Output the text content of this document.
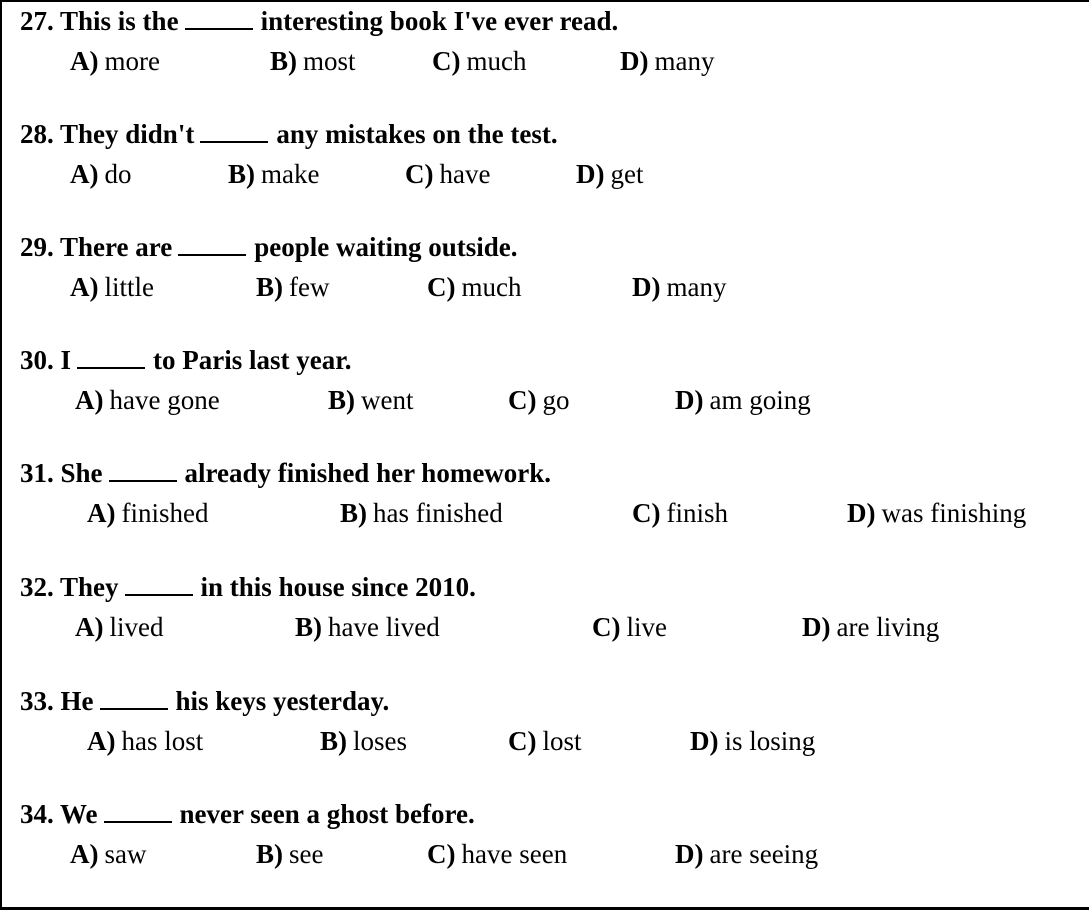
27. This is the	interesting book I've ever read.
A) more	B) most	C) much	D) many
28. They didn't	any mistakes on the test.
A) do	B) make	C) have	D) get
29. There are	people waiting outside.
A) little	B) few	C) much	D) many
30. I	to Paris last year.
A) have gone	B) went	C) go	D) am going
31. She	already finished her homework.
A) finished	B) has finished	C) finish	D) was finishing
32. They	in this house since 2010.
A) lived	B) have lived	C) live	D) are living
33. He	his keys yesterday.
A) has lost	B) loses	C) lost	D) is losing
34. We	never seen a ghost before.
A) saw	B) see	C) have seen	D) are seeing
